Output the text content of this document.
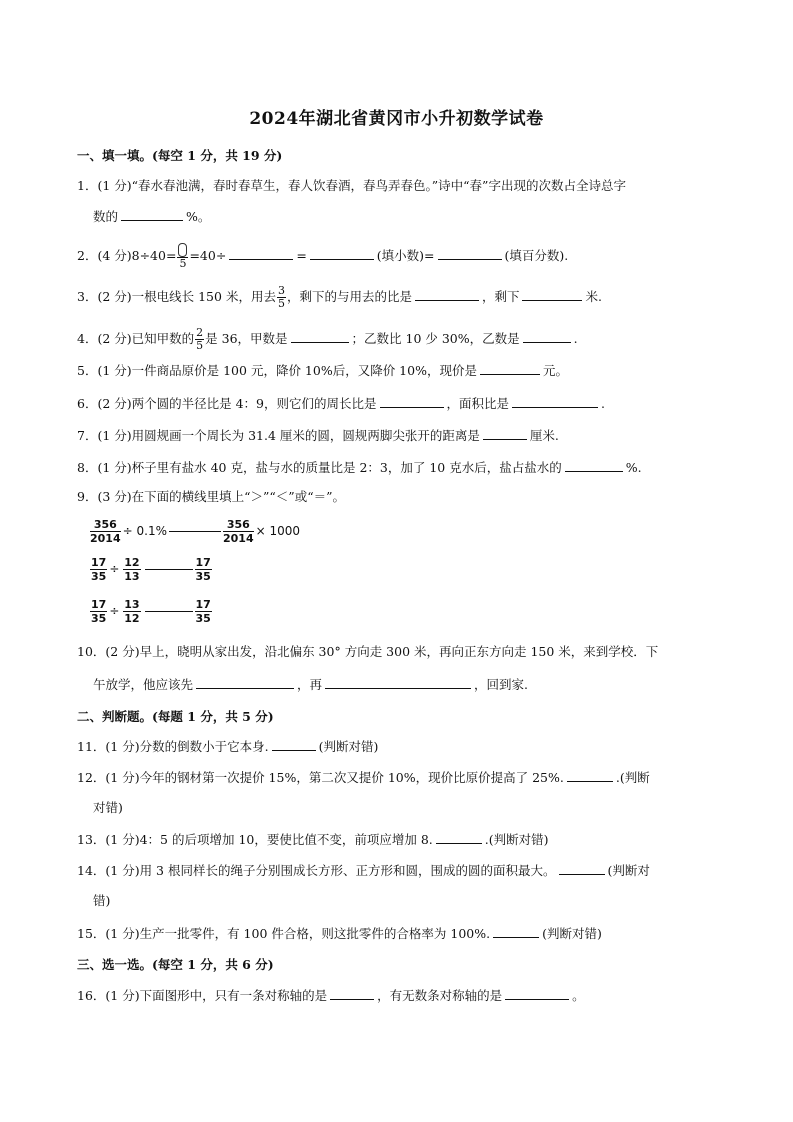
2024年湖北省黄冈市小升初数学试卷
一、填一填。(每空 1 分，共 19 分)
1．(1 分)“春水春池满，春时春草生，春人饮春酒，春鸟弄春色。”诗中“春”字出现的次数占全诗总字
数的	%。
2．(4 分)8÷40=
5
=40÷	=	(填小数)=	(填百分数).
3．(2 分)一根电线长 150 米，用去 $\frac{3}{5}$ ，剩下的与用去的比是	，剩下	米.
4．(2 分)已知甲数的 $\frac{2}{5}$ 是 36，甲数是	；乙数比 10 少 30%，乙数是	.
5．(1 分)一件商品原价是 100 元，降价 10%后，又降价 10%，现价是	元。
6．(2 分)两个圆的半径比是 4：9，则它们的周长比是	，面积比是	.
7．(1 分)用圆规画一个周长为 31.4 厘米的圆，圆规两脚尖张开的距离是	厘米.
8．(1 分)杯子里有盐水 40 克，盐与水的质量比是 2：3，加了 10 克水后，盐占盐水的	%.
9．(3 分)在下面的横线里填上“＞”“＜”或“＝”。
$\frac{356}{2014} \div 0.1\%$	$\frac{356}{2014} \times 1000$
$\frac{17}{35} \div \frac{12}{13}$	$\frac{17}{35}$
$\frac{17}{35} \div \frac{13}{12}$	$\frac{17}{35}$
10．(2 分)早上，晓明从家出发，沿北偏东 30° 方向走 300 米，再向正东方向走 150 米，来到学校．下
午放学，他应该先	，再	，回到家.
二、判断题。(每题 1 分，共 5 分)
11．(1 分)分数的倒数小于它本身.	(判断对错)
12．(1 分)今年的钢材第一次提价 15%，第二次又提价 10%，现价比原价提高了 25%.	.(判断
对错)
13．(1 分)4：5 的后项增加 10，要使比值不变，前项应增加 8.	.(判断对错)
14．(1 分)用 3 根同样长的绳子分别围成长方形、正方形和圆，围成的圆的面积最大。	(判断对
错)
15．(1 分)生产一批零件，有 100 件合格，则这批零件的合格率为 100%.	(判断对错)
三、选一选。(每空 1 分，共 6 分)
16．(1 分)下面图形中，只有一条对称轴的是	，有无数条对称轴的是	。
